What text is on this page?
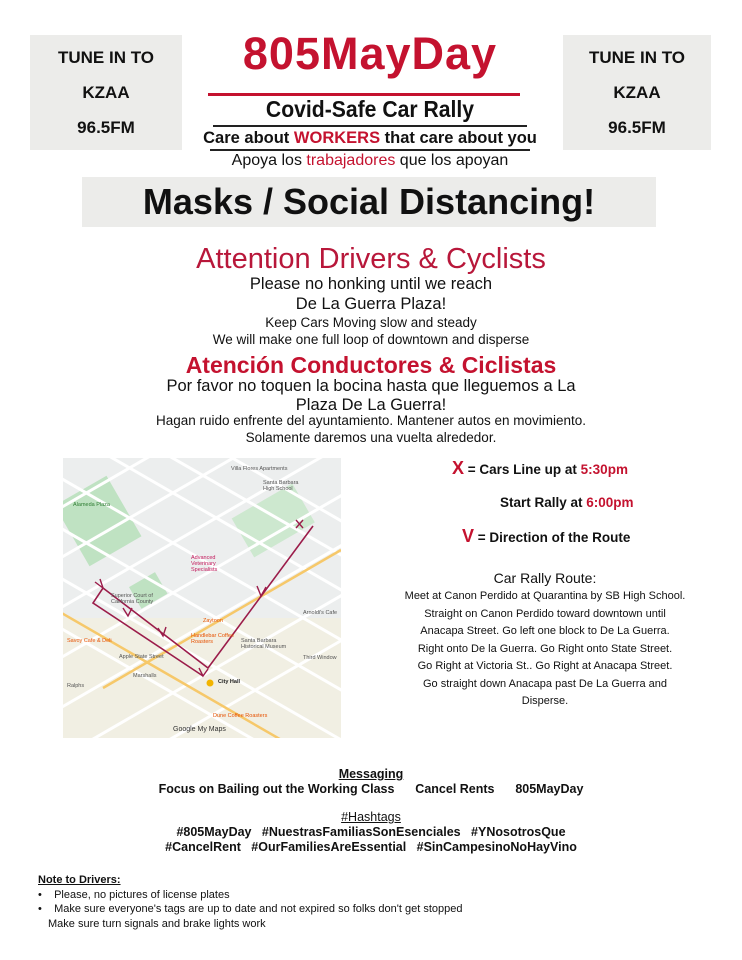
TUNE IN TO
KZAA
96.5FM
TUNE IN TO
KZAA
96.5FM
805MayDay
Covid-Safe Car Rally
Care about WORKERS that care about you
Apoya los trabajadores que los apoyan
Masks / Social Distancing!
Attention Drivers & Cyclists
Please no honking until we reach
De La Guerra Plaza!
Keep Cars Moving slow and steady
We will make one full loop of downtown and disperse
Atención Conductores & Ciclistas
Por favor no toquen la bocina hasta que lleguemos a La
Plaza De La Guerra!
Hagan ruido enfrente del ayuntamiento. Mantener autos en movimiento.
Solamente daremos una vuelta alrededor.
Villa Flores Apartments
Santa Barbara High School
Alameda Plaza
Advanced Veterinary Specialists
Superior Court of California County
Zaytoon
Handlebar Coffee Roasters	Santa Barbara Historical Museum
Apple State Street
Savoy Cafe & Deli
Marshalls
City Hall
Ralphs
Dune Coffee Roasters
Third Window
Arnoldi's Cafe
Google My Maps
X = Cars Line up at 5:30pm
Start Rally at 6:00pm
V = Direction of the Route
Car Rally Route:
Meet at Canon Perdido at Quarantina by SB High School.
Straight on Canon Perdido toward downtown until
Anacapa Street. Go left one block to De La Guerra.
Right onto De la Guerra. Go Right onto State Street.
Go Right at Victoria St.. Go Right at Anacapa Street.
Go straight down Anacapa past De La Guerra and
Disperse.
Messaging
Focus on Bailing out the Working Class      Cancel Rents      805MayDay
#Hashtags
#805MayDay   #NuestrasFamiliasSonEsenciales   #YNosotrosQue
#CancelRent   #OurFamiliesAreEssential   #SinCampesinoNoHayVino
Note to Drivers:
•    Please, no pictures of license plates
•    Make sure everyone's tags are up to date and not expired so folks don't get stopped
Make sure turn signals and brake lights work
